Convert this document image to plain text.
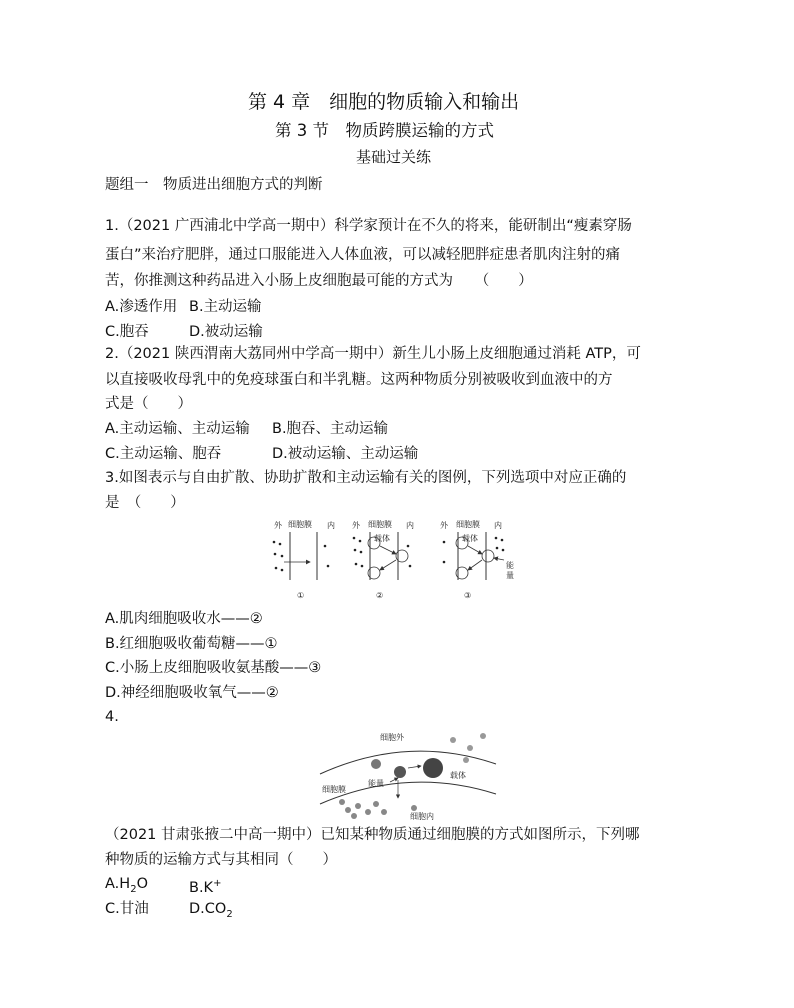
第 4 章　细胞的物质输入和输出
第 3 节　物质跨膜运输的方式
基础过关练
题组一　物质进出细胞方式的判断
1.（2021 广西浦北中学高一期中）科学家预计在不久的将来，能研制出“瘦素穿肠
蛋白”来治疗肥胖，通过口服能进入人体血液，可以减轻肥胖症患者肌肉注射的痛
苦，你推测这种药品进入小肠上皮细胞最可能的方式为　　（　　）
A.渗透作用 B.主动运输
C.胞吞	D.被动运输
2.（2021 陕西渭南大荔同州中学高一期中）新生儿小肠上皮细胞通过消耗 ATP，可
以直接吸收母乳中的免疫球蛋白和半乳糖。这两种物质分别被吸收到血液中的方
式是（　　）
A.主动运输、主动运输 B.胞吞、主动运输
C.主动运输、胞吞	D.被动运输、主动运输
3.如图表示与自由扩散、协助扩散和主动运输有关的图例，下列选项中对应正确的
是　（　　）
外 细胞膜 内
①
外 细胞膜 内
载体
②
外 细胞膜 内
载体
能
量
③
A.肌肉细胞吸收水——②
B.红细胞吸收葡萄糖——①
C.小肠上皮细胞吸收氨基酸——③
D.神经细胞吸收氧气——②
4.
细胞外
细胞膜
能量
载体
细胞内
（2021 甘肃张掖二中高一期中）已知某种物质通过细胞膜的方式如图所示，下列哪
种物质的运输方式与其相同（　　）
$A.H_2O$	B.K+
C.甘油	$D.CO_2$
